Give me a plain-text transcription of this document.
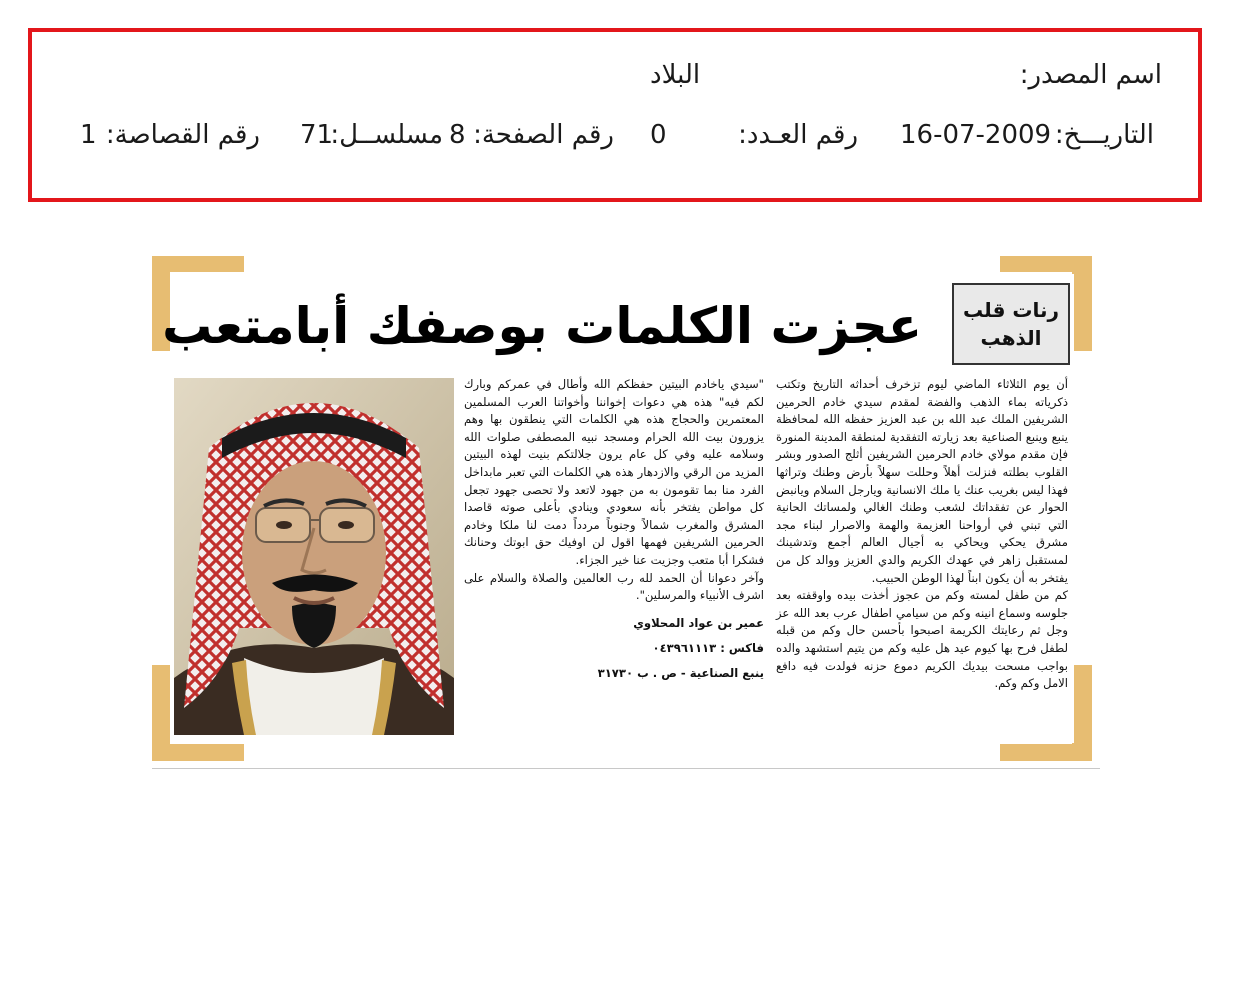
اسم المصدر:
البلاد
التاريـــخ:
16-07-2009
رقم العـدد:
0
رقم الصفحة:
8
مسلســل:
71
رقم القصاصة:
1
رنات قلب الذهب
عجزت الكلمات بوصفك أبامتعب

أن يوم الثلاثاء الماضي ليوم تزخرف أحداثه التاريخ وتكتب ذكرياته بماء الذهب والفضة لمقدم سيدي خادم الحرمين الشريفين الملك عبد الله بن عبد العزيز حفظه الله لمحافظة ينبع وينبع الصناعية بعد زيارته التفقدية لمنطقة المدينة المنورة فإن مقدم مولاي خادم الحرمين الشريفين أثلج الصدور وبشر القلوب بطلته فنزلت أهلاً وحللت سهلاً بأرض وطنك وتراثها فهذا ليس بغريب عنك يا ملك الانسانية ويارجل السلام ويانبض الحوار عن تفقداتك لشعب وطنك الغالي ولمساتك الحانية التي تبني في أرواحنا العزيمة والهمة والاصرار لبناء مجد مشرق يحكي ويحاكي به أجيال العالم أجمع وتدشينك لمستقبل زاهر في عهدك الكريم والدي العزيز ووالد كل من يفتخر به أن يكون ابناً لهذا الوطن الحبيب.

كم من طفل لمسته وكم من عجوز أخذت بيده واوقفته بعد جلوسه وسماع انينه وكم من سيامي اطفال عرب بعد الله عز وجل ثم رعايتك الكريمة اصبحوا بأحسن حال وكم من قبله لطفل فرح بها كيوم عيد هل عليه وكم من يتيم استشهد والده بواجب مسحت بيديك الكريم دموع حزنه فولدت فيه دافع الامل وكم وكم.

"سيدي ياخادم البيتين حفظكم الله وأطال في عمركم وبارك لكم فيه" هذه هي دعوات إخواننا وأخواتنا العرب المسلمين المعتمرين والحجاج هذه هي الكلمات التي ينطقون بها وهم يزورون بيت الله الحرام ومسجد نبيه المصطفى صلوات الله وسلامه عليه وفي كل عام يرون جلالتكم بنيت لهذه البيتين المزيد من الرقي والازدهار هذه هي الكلمات التي تعبر مابداخل الفرد منا بما تقومون به من جهود لاتعد ولا تحصى جهود تجعل كل مواطن يفتخر بأنه سعودي وينادي بأعلى صوته قاصدا المشرق والمغرب شمالاً وجنوباً مردداً دمت لنا ملكا وخادم الحرمين الشريفين فهمها اقول لن اوفيك حق ابوتك وحنانك فشكرا أبا متعب وجزيت عنا خير الجزاء.

وآخر دعوانا أن الحمد لله رب العالمين والصلاة والسلام على اشرف الأنبياء والمرسلين".

عمير بن عواد المحلاوي
فاكس : ٠٤٣٩٦١١١٣
ينبع الصناعية - ص . ب ٣١٧٣٠
